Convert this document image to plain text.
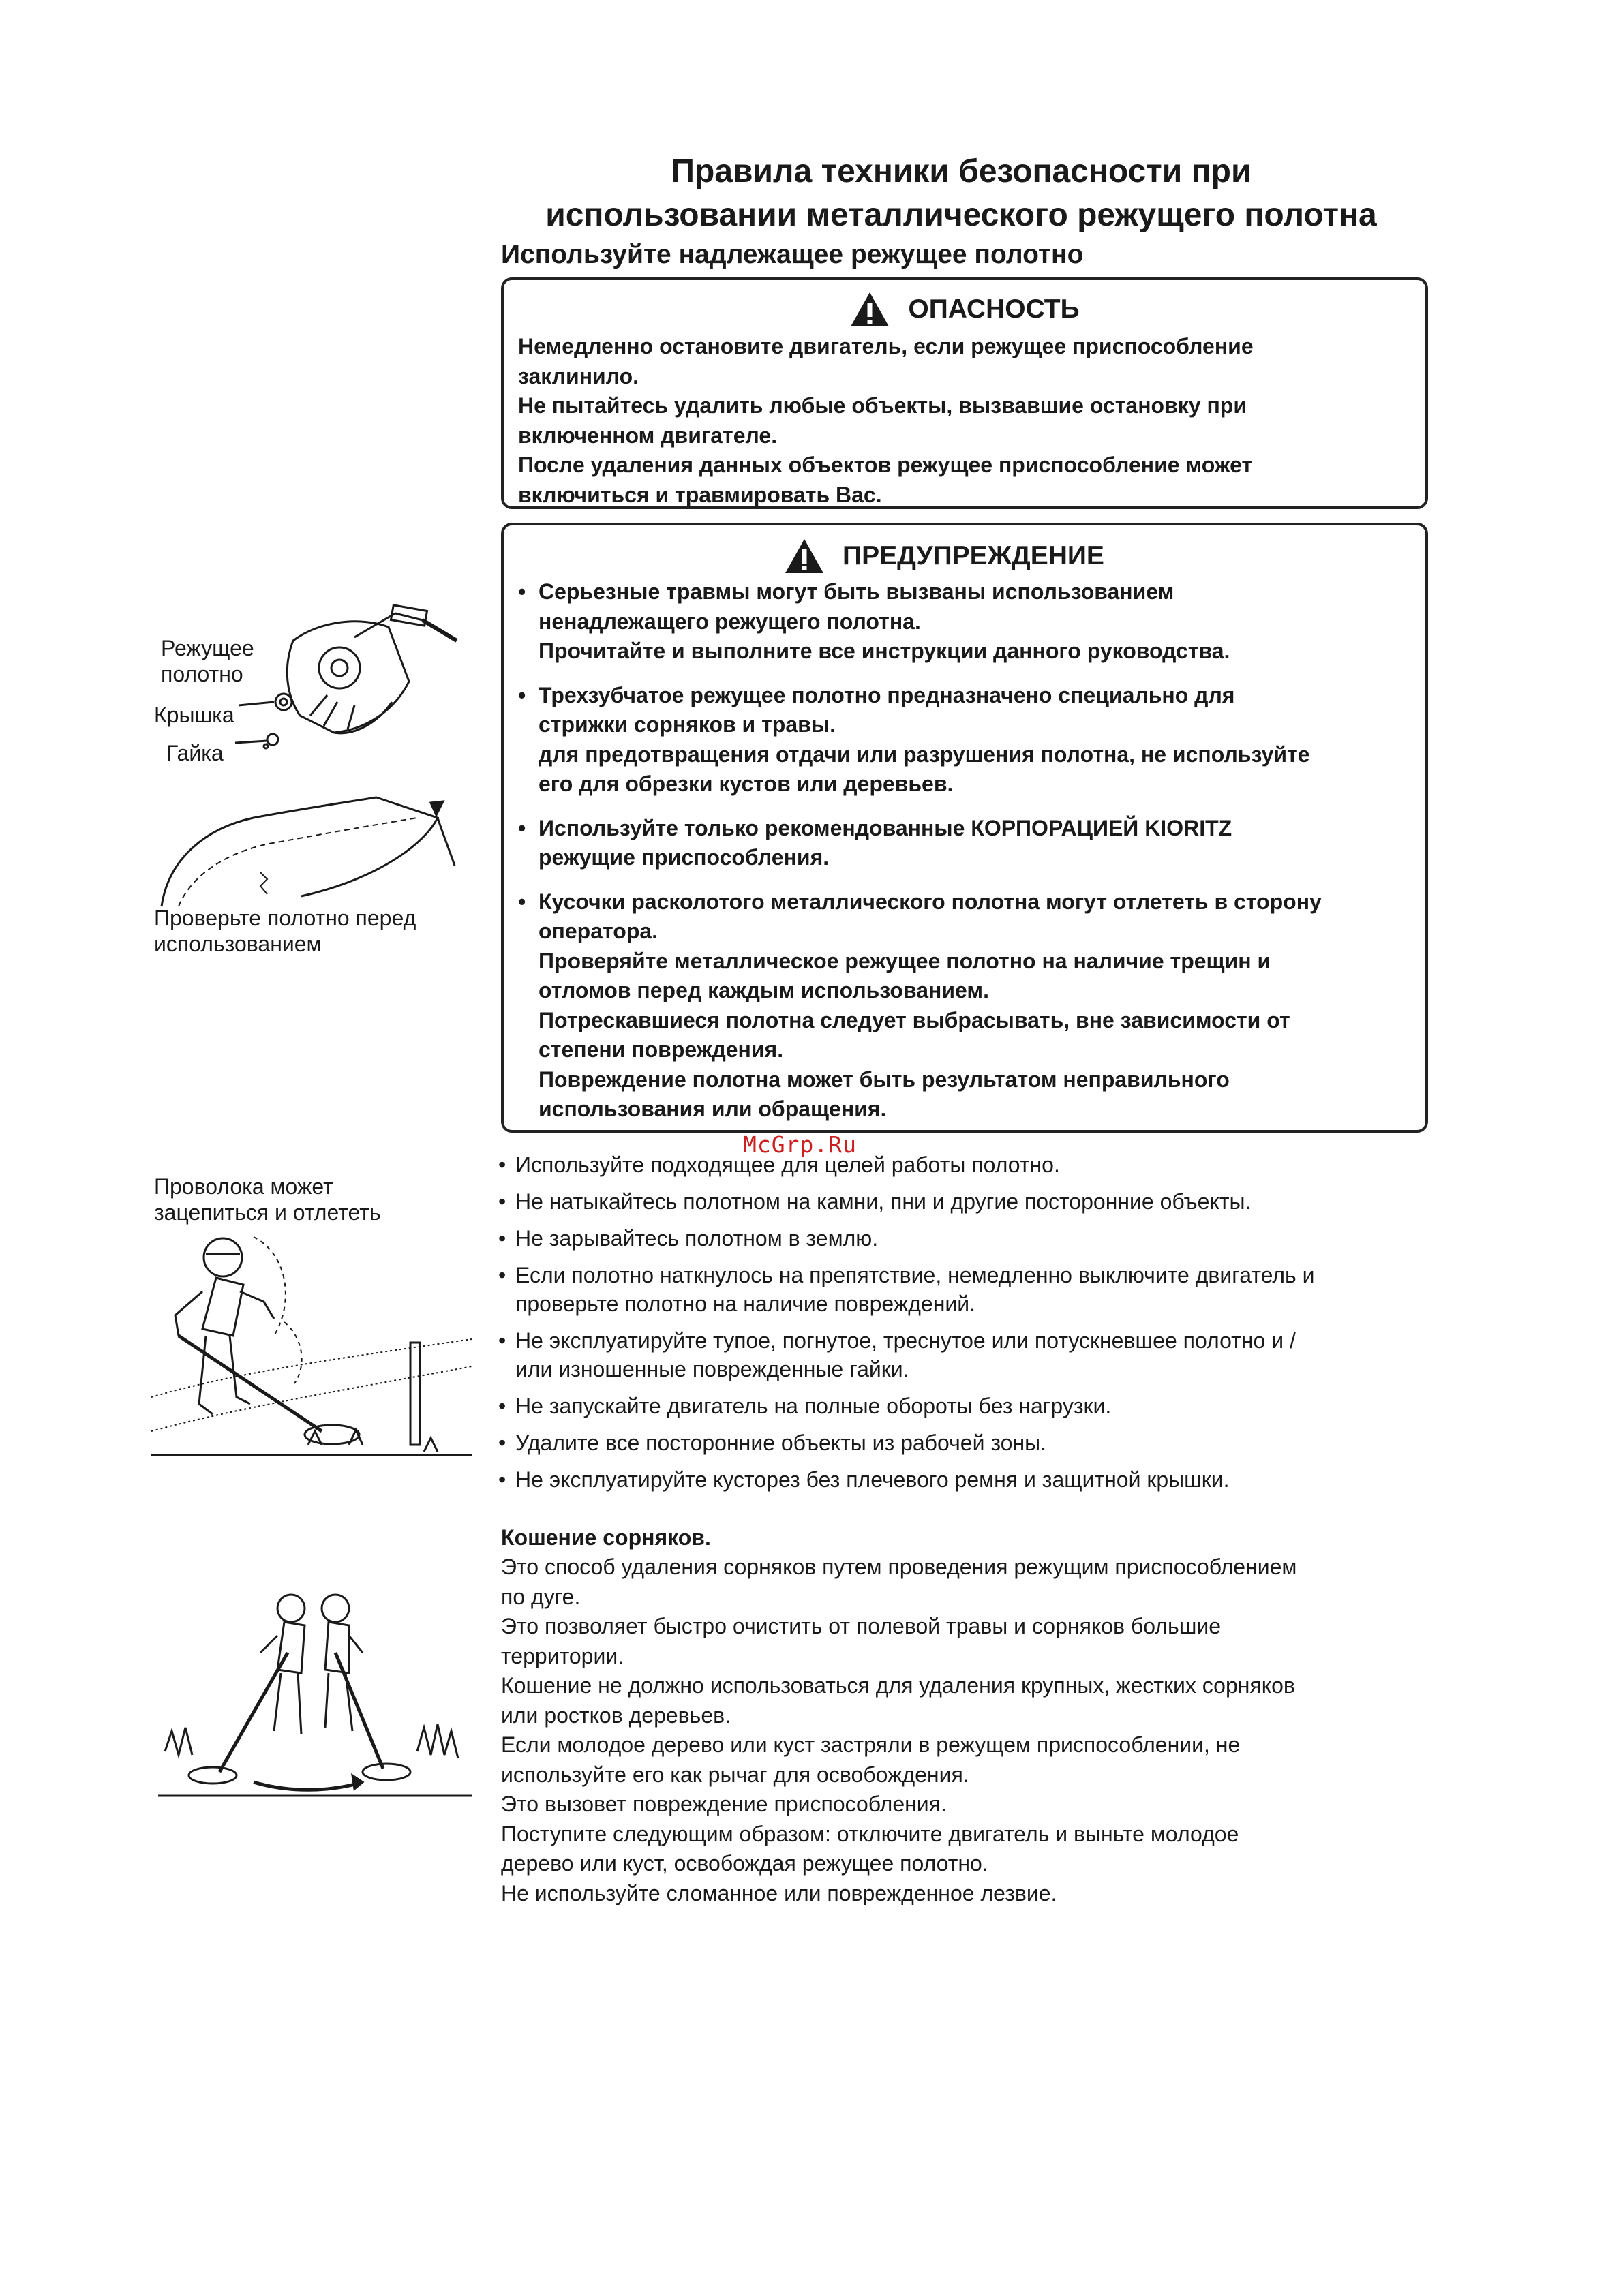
Правила техники безопасности при
использовании металлического режущего полотна
Используйте надлежащее режущее полотно
ОПАСНОСТЬ
Немедленно остановите двигатель, если режущее приспособление
заклинило.
Не пытайтесь удалить любые объекты, вызвавшие остановку при
включенном двигателе.
После удаления данных объектов режущее приспособление может
включиться и травмировать Вас.
ПРЕДУПРЕЖДЕНИЕ
• Серьезные травмы могут быть вызваны использованием
ненадлежащего режущего полотна.
Прочитайте и выполните все инструкции данного руководства.
• Трехзубчатое режущее полотно предназначено специально для
стрижки сорняков и травы.
для предотвращения отдачи или разрушения полотна, не используйте
его для обрезки кустов или деревьев.
• Используйте только рекомендованные КОРПОРАЦИЕЙ KIORITZ
режущие приспособления.
• Кусочки расколотого металлического полотна могут отлететь в сторону
оператора.
Проверяйте металлическое режущее полотно на наличие трещин и
отломов перед каждым использованием.
Потрескавшиеся полотна следует выбрасывать, вне зависимости от
степени повреждения.
Повреждение полотна может быть результатом неправильного
использования или обращения.
McGrp.Ru
Режущее
полотно
Крышка
Гайка
Проверьте полотно перед
использованием
Проволока может
зацепиться и отлететь
• Используйте подходящее для целей работы полотно.
• Не натыкайтесь полотном на камни, пни и другие посторонние объекты.
• Не зарывайтесь полотном в землю.
• Если полотно наткнулось на препятствие, немедленно выключите двигатель и
проверьте полотно на наличие повреждений.
• Не эксплуатируйте тупое, погнутое, треснутое или потускневшее полотно и /
или изношенные поврежденные гайки.
• Не запускайте двигатель на полные обороты без нагрузки.
• Удалите все посторонние объекты из рабочей зоны.
• Не эксплуатируйте кусторез без плечевого ремня и защитной крышки.
Кошение сорняков.
Это способ удаления сорняков путем проведения режущим приспособлением
по дуге.
Это позволяет быстро очистить от полевой травы и сорняков большие
территории.
Кошение не должно использоваться для удаления крупных, жестких сорняков
или ростков деревьев.
Если молодое дерево или куст застряли в режущем приспособлении, не
используйте его как рычаг для освобождения.
Это вызовет повреждение приспособления.
Поступите следующим образом: отключите двигатель и выньте молодое
дерево или куст, освобождая режущее полотно.
Не используйте сломанное или поврежденное лезвие.
